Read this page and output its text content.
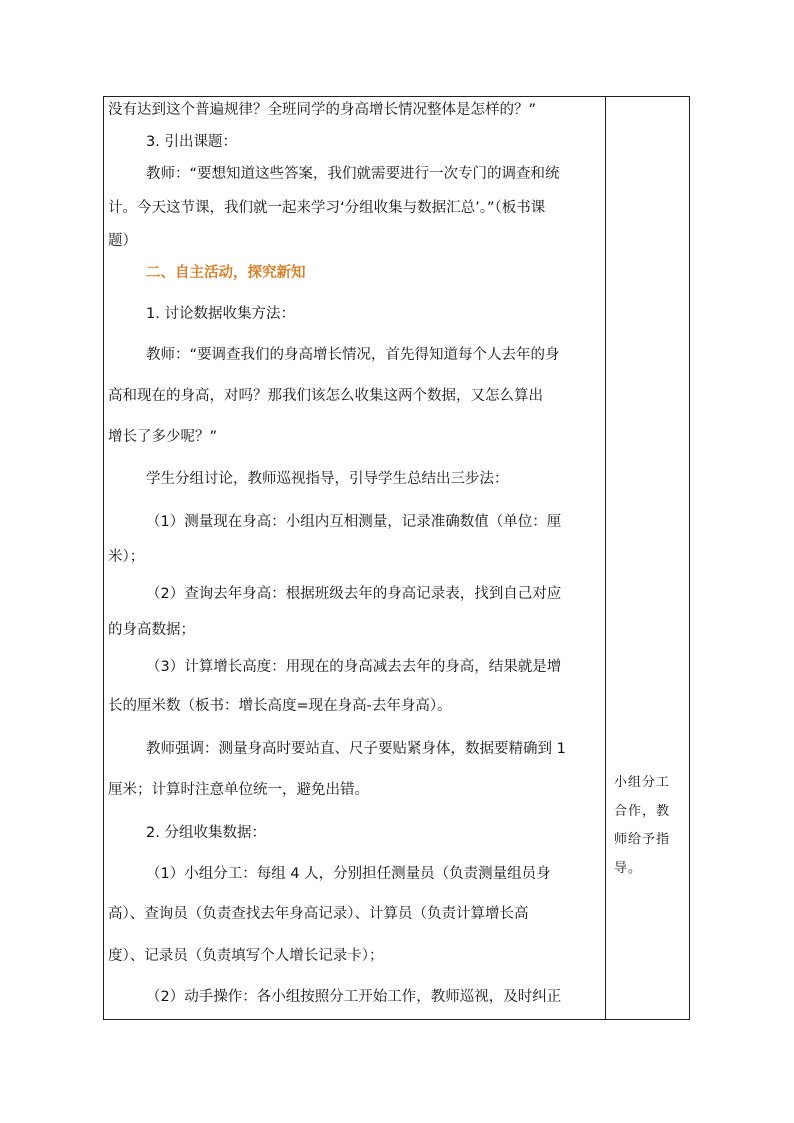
没有达到这个普遍规律？全班同学的身高增长情况整体是怎样的？”
3. 引出课题：
教师：“要想知道这些答案，我们就需要进行一次专门的调查和统
计。今天这节课，我们就一起来学习‘分组收集与数据汇总’。”（板书课
题）
二、自主活动，探究新知
1. 讨论数据收集方法：
教师：“要调查我们的身高增长情况，首先得知道每个人去年的身
高和现在的身高，对吗？那我们该怎么收集这两个数据，又怎么算出
增长了多少呢？”
学生分组讨论，教师巡视指导，引导学生总结出三步法：
（1）测量现在身高：小组内互相测量，记录准确数值（单位：厘
米）；
（2）查询去年身高：根据班级去年的身高记录表，找到自己对应
的身高数据；
（3）计算增长高度：用现在的身高减去去年的身高，结果就是增
长的厘米数（板书：增长高度=现在身高-去年身高）。
教师强调：测量身高时要站直、尺子要贴紧身体，数据要精确到 1
厘米；计算时注意单位统一，避免出错。
2. 分组收集数据：
（1）小组分工：每组 4 人，分别担任测量员（负责测量组员身
高）、查询员（负责查找去年身高记录）、计算员（负责计算增长高
度）、记录员（负责填写个人增长记录卡）；
（2）动手操作：各小组按照分工开始工作，教师巡视，及时纠正
小组分工
合作，教
师给予指
导。
